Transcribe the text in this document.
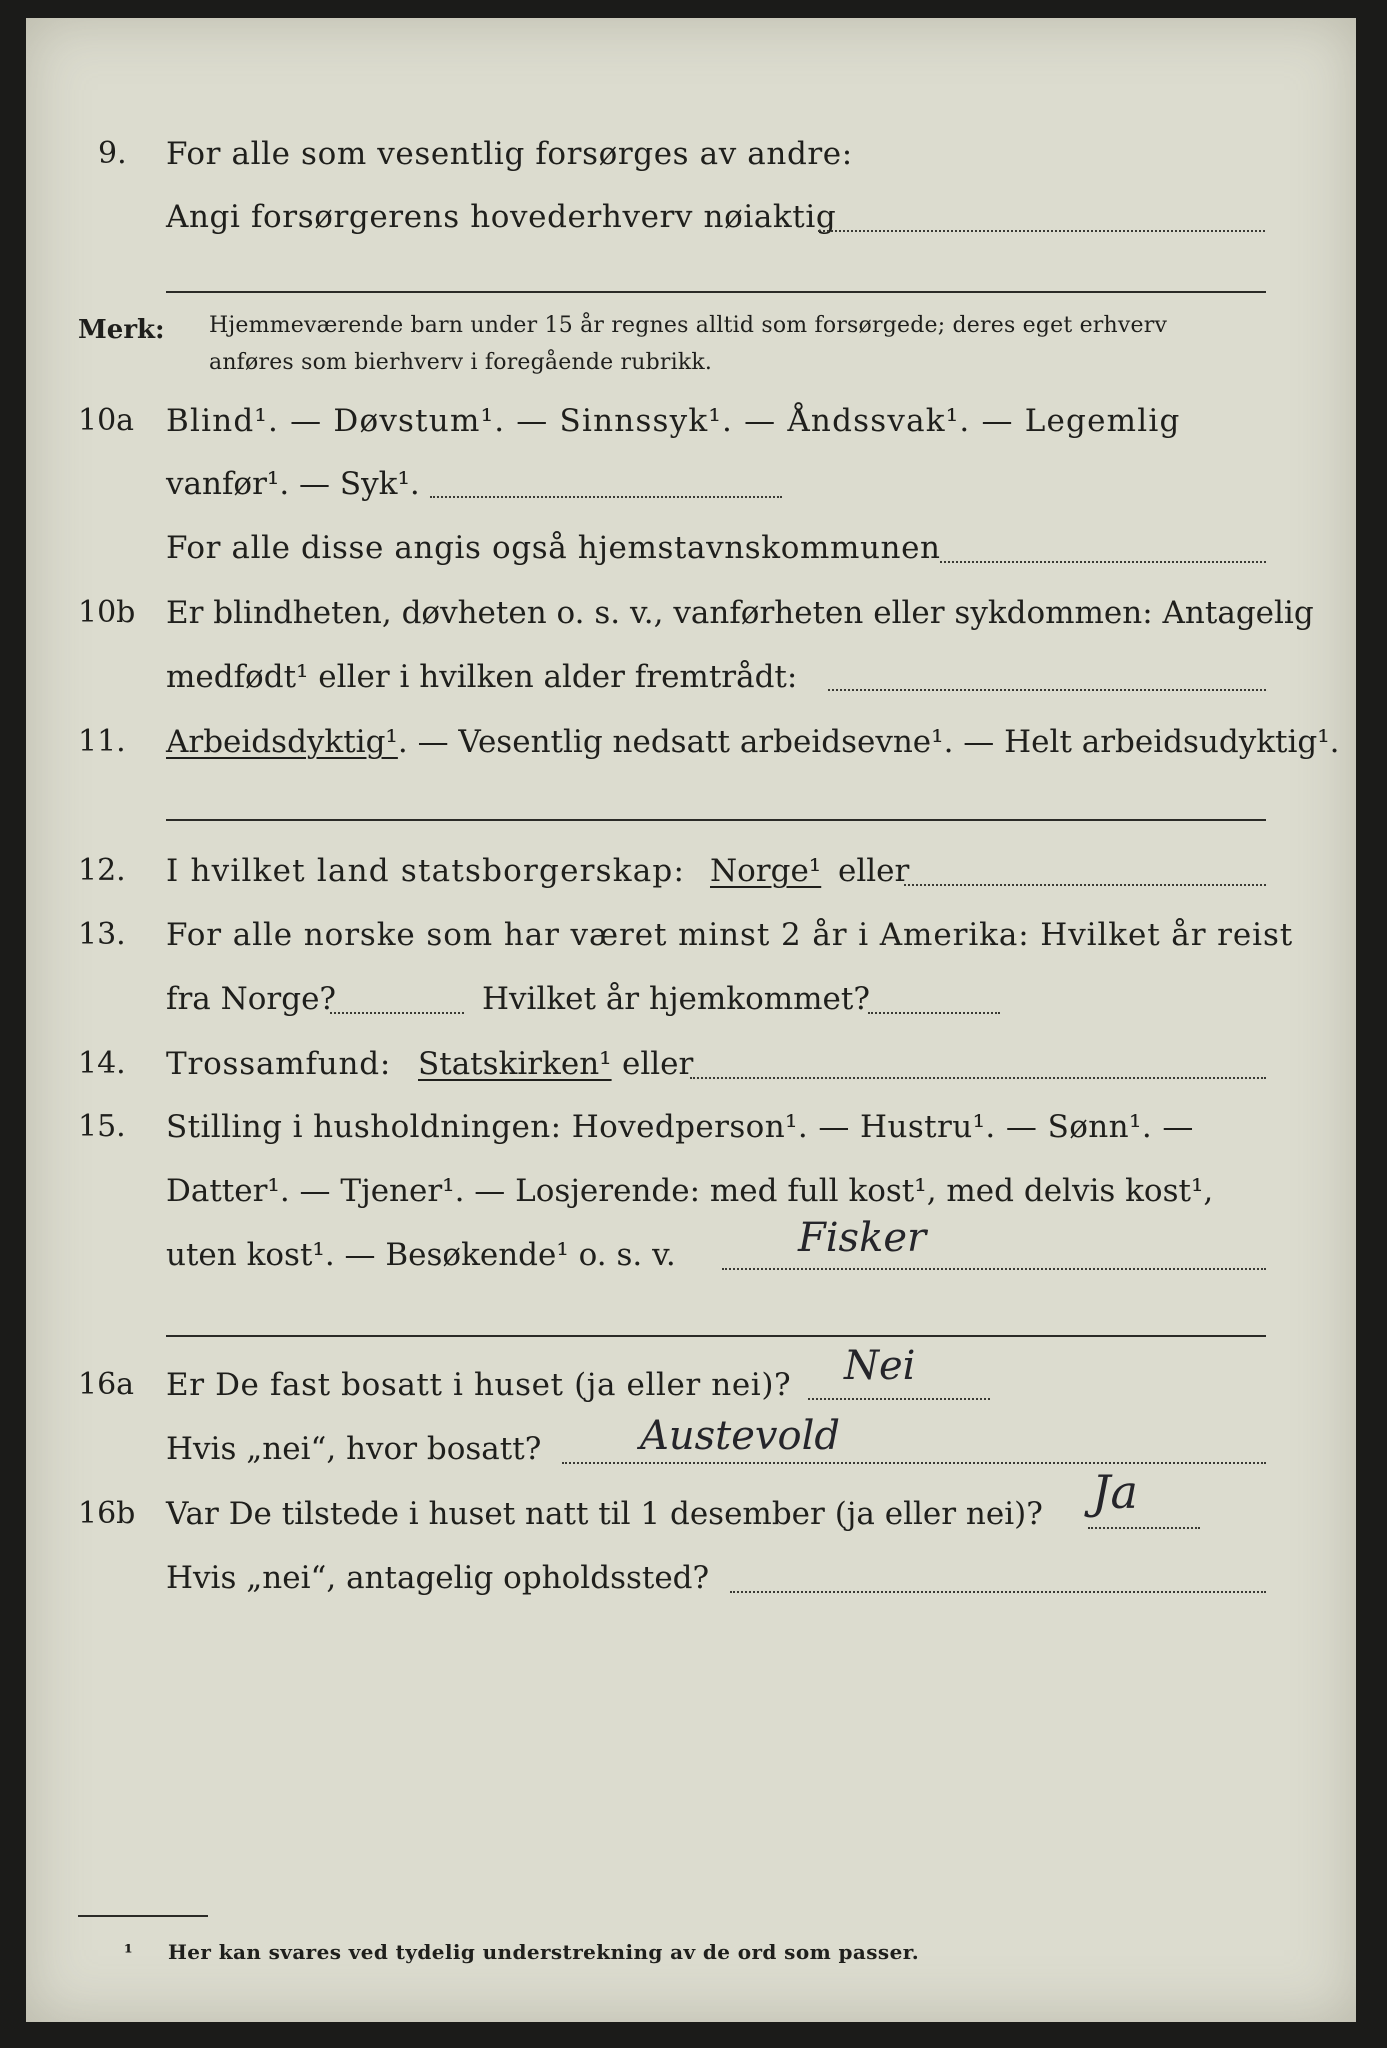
9. For alle som vesentlig forsørges av andre:
Angi forsørgerens hovederhverv nøiaktig
Merk: Hjemmeværende barn under 15 år regnes alltid som forsørgede; deres eget erhverv
anføres som bierhverv i foregående rubrikk.
10a Blind¹. — Døvstum¹. — Sinnssyk¹. — Åndssvak¹. — Legemlig
vanfør¹. — Syk¹.
For alle disse angis også hjemstavnskommunen
10b Er blindheten, døvheten o. s. v., vanførheten eller sykdommen: Antagelig
medfødt¹ eller i hvilken alder fremtrådt:
11. Arbeidsdyktig¹. — Vesentlig nedsatt arbeidsevne¹. — Helt arbeidsudyktig¹.
12. I hvilket land statsborgerskap: Norge¹ eller
13. For alle norske som har været minst 2 år i Amerika: Hvilket år reist
fra Norge?	Hvilket år hjemkommet?
14. Trossamfund: Statskirken¹ eller
15. Stilling i husholdningen: Hovedperson¹. — Hustru¹. — Sønn¹. —
Datter¹. — Tjener¹. — Losjerende: med full kost¹, med delvis kost¹,
uten kost¹. — Besøkende¹ o. s. v.	Fisker
16a Er De fast bosatt i huset (ja eller nei)? Nei
Hvis „nei“, hvor bosatt? Austevold
16b Var De tilstede i huset natt til 1 desember (ja eller nei)? Ja
Hvis „nei“, antagelig opholdssted?
¹ Her kan svares ved tydelig understrekning av de ord som passer.
